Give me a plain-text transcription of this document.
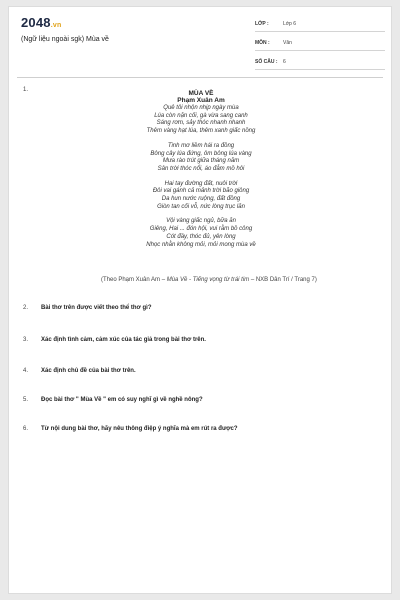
2048.vn
(Ngữ liệu ngoài sgk) Mùa về
LỚP :	Lớp 6
MÔN :	Văn
SỐ CÂU : 6
1.	MÙA VỀ
Phạm Xuân Am
Quê tôi nhộn nhịp ngày mùa
Lúa còn nặn cối, gà vừa sang canh
Sáng rơm, sảy thóc nhanh nhanh
Thêm vàng hạt lúa, thêm xanh giấc nồng
Tinh mơ liềm hái ra đồng
Bông cây lúa đứng, ôm bông lúa vàng
Mưa rào trút giữa tháng năm
Sân trời thóc nổi, áo đẫm mồ hôi
Hai tay đường đất, nuôi trời
Đôi vai gánh cả mảnh trời bão giông
Da hun nước ruộng, đất đồng
Giòn tan cối vỗ, nức lòng trục lăn
Vội vàng giấc ngủ, bữa ăn
Giêng, Hai ... đón hội, vui rằm bồ công
Cót đầy, thóc đủ, yên lòng
Nhọc nhằn không mỏi, mỏi mong mùa về
(Theo Phạm Xuân Am – Mùa Về - Tiếng vọng từ trái tim – NXB Dân Trí / Trang 7)
2. Bài thơ trên được viết theo thể thơ gì?
3. Xác định tình cảm, cảm xúc của tác giả trong bài thơ trên.
4. Xác định chủ đề của bài thơ trên.
5. Đọc bài thơ " Mùa Về " em có suy nghĩ gì về nghề nông?
6. Từ nội dung bài thơ, hãy nêu thông điệp ý nghĩa mà em rút ra được?
